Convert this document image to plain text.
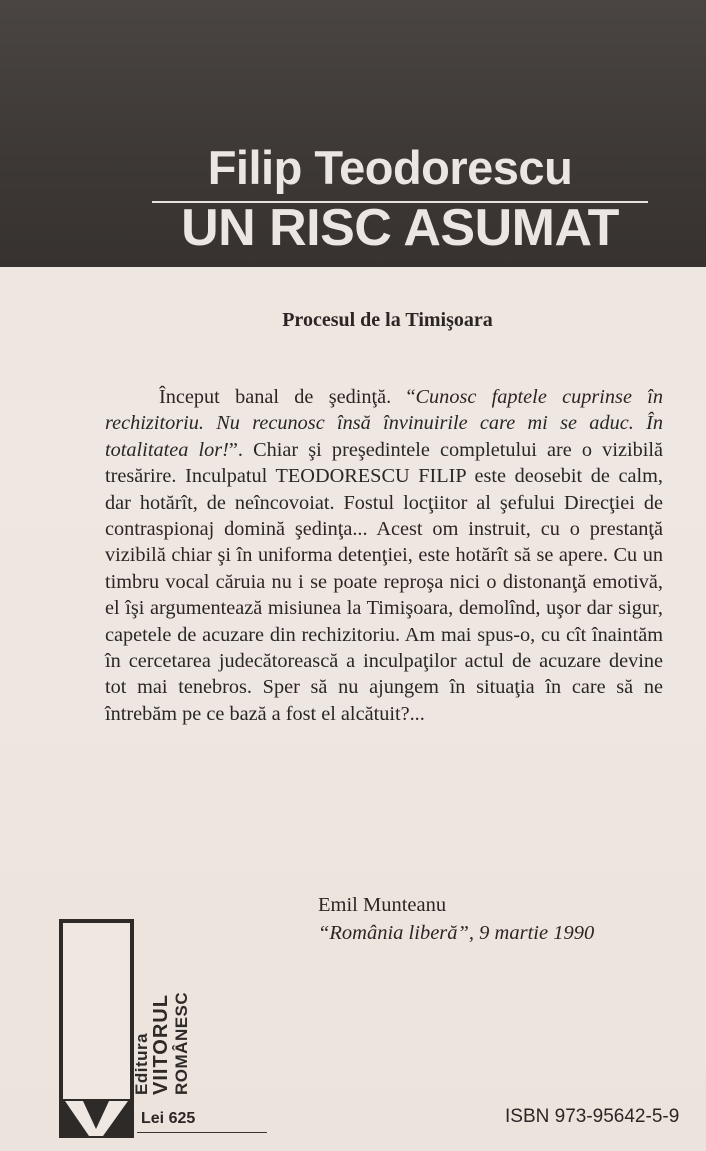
Filip Teodorescu
UN RISC ASUMAT
Procesul de la Timişoara

Început banal de şedinţă. “Cunosc faptele cuprinse în rechizitoriu. Nu recunosc însă învinuirile care mi se aduc. În totalitatea lor!”. Chiar şi preşedintele completului are o vizibilă tresărire. Inculpatul TEODORESCU FILIP este deosebit de calm, dar hotărît, de neîncovoiat. Fostul locţiitor al şefului Direcţiei de contraspionaj domină şedinţa... Acest om instruit, cu o prestanţă vizibilă chiar şi în uniforma detenţiei, este hotărît să se apere. Cu un timbru vocal căruia nu i se poate reproşa nici o distonanţă emotivă, el îşi argumentează misiunea la Timişoara, demolînd, uşor dar sigur, capetele de acuzare din rechizitoriu. Am mai spus-o, cu cît înaintăm în cercetarea judecătorească a inculpaţilor actul de acuzare devine tot mai tenebros. Sper să nu ajungem în situaţia în care să ne întrebăm pe ce bază a fost el alcătuit?...

Emil Munteanu
“România liberă”, 9 martie 1990
Editura VIITORUL ROMÂNESC
Lei 625	ISBN 973-95642-5-9
